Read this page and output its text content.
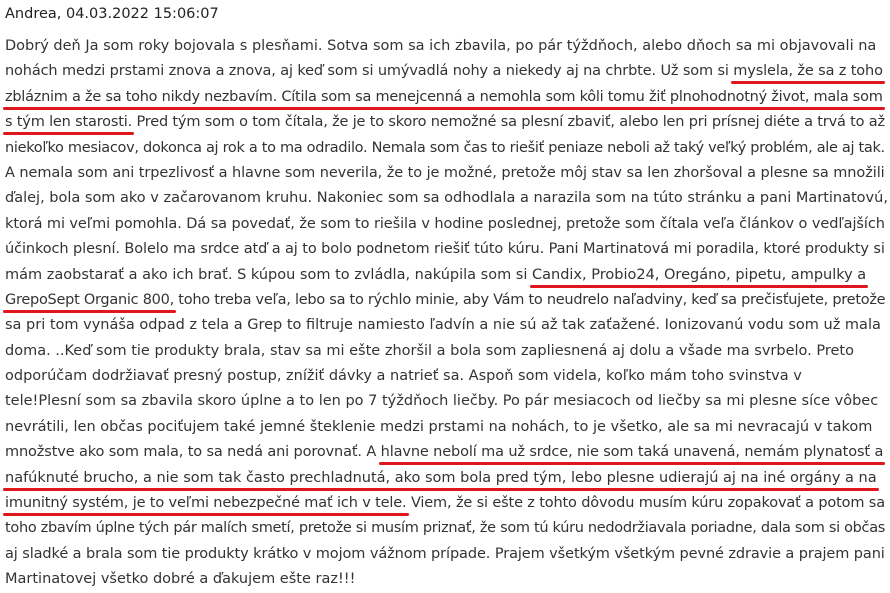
Andrea, 04.03.2022 15:06:07
Dobrý deň Ja som roky bojovala s plesňami. Sotva som sa ich zbavila, po pár týždňoch, alebo dňoch sa mi objavovali na
nohách medzi prstami znova a znova, aj keď som si umývadlá nohy a niekedy aj na chrbte. Už som si myslela, že sa z toho
zbláznim a že sa toho nikdy nezbavím. Cítila som sa menejcenná a nemohla som kôli tomu žiť plnohodnotný život, mala som
s tým len starosti. Pred tým som o tom čítala, že je to skoro nemožné sa plesní zbaviť, alebo len pri prísnej diéte a trvá to až
niekoľko mesiacov, dokonca aj rok a to ma odradilo. Nemala som čas to riešiť peniaze neboli až taký veľký problém, ale aj tak.
A nemala som ani trpezlivosť a hlavne som neverila, že to je možné, pretože môj stav sa len zhoršoval a plesne sa množili
ďalej, bola som ako v začarovanom kruhu. Nakoniec som sa odhodlala a narazila som na túto stránku a pani Martinatovú,
ktorá mi veľmi pomohla. Dá sa povedať, že som to riešila v hodine poslednej, pretože som čítala veľa článkov o vedľajších
účinkoch plesní. Bolelo ma srdce atď a aj to bolo podnetom riešiť túto kúru. Pani Martinatová mi poradila, ktoré produkty si
mám zaobstarať a ako ich brať. S kúpou som to zvládla, nakúpila som si Candix, Probio24, Oregáno, pipetu, ampulky a
GrepoSept Organic 800, toho treba veľa, lebo sa to rýchlo minie, aby Vám to neudrelo naľadviny, keď sa prečisťujete, pretože
sa pri tom vynáša odpad z tela a Grep to filtruje namiesto ľadvín a nie sú až tak zaťažené. Ionizovanú vodu som už mala
doma. ..Keď som tie produkty brala, stav sa mi ešte zhoršil a bola som zapliesnená aj dolu a všade ma svrbelo. Preto
odporúčam dodržiavať presný postup, znížiť dávky a natrieť sa. Aspoň som videla, koľko mám toho svinstva v
tele!Plesní som sa zbavila skoro úplne a to len po 7 týždňoch liečby. Po pár mesiacoch od liečby sa mi plesne síce vôbec
nevrátili, len občas pociťujem také jemné šteklenie medzi prstami na nohách, to je všetko, ale sa mi nevracajú v takom
množstve ako som mala, to sa nedá ani porovnať. A hlavne nebolí ma už srdce, nie som taká unavená, nemám plynatosť a
nafúknuté brucho, a nie som tak často prechladnutá, ako som bola pred tým, lebo plesne udierajú aj na iné orgány a na
imunitný systém, je to veľmi nebezpečné mať ich v tele. Viem, že si ešte z tohto dôvodu musím kúru zopakovať a potom sa
toho zbavím úplne tých pár malích smetí, pretože si musím priznať, že som tú kúru nedodržiavala poriadne, dala som si občas
aj sladké a brala som tie produkty krátko v mojom vážnom prípade. Prajem všetkým všetkým pevné zdravie a prajem pani
Martinatovej všetko dobré a ďakujem ešte raz!!!
